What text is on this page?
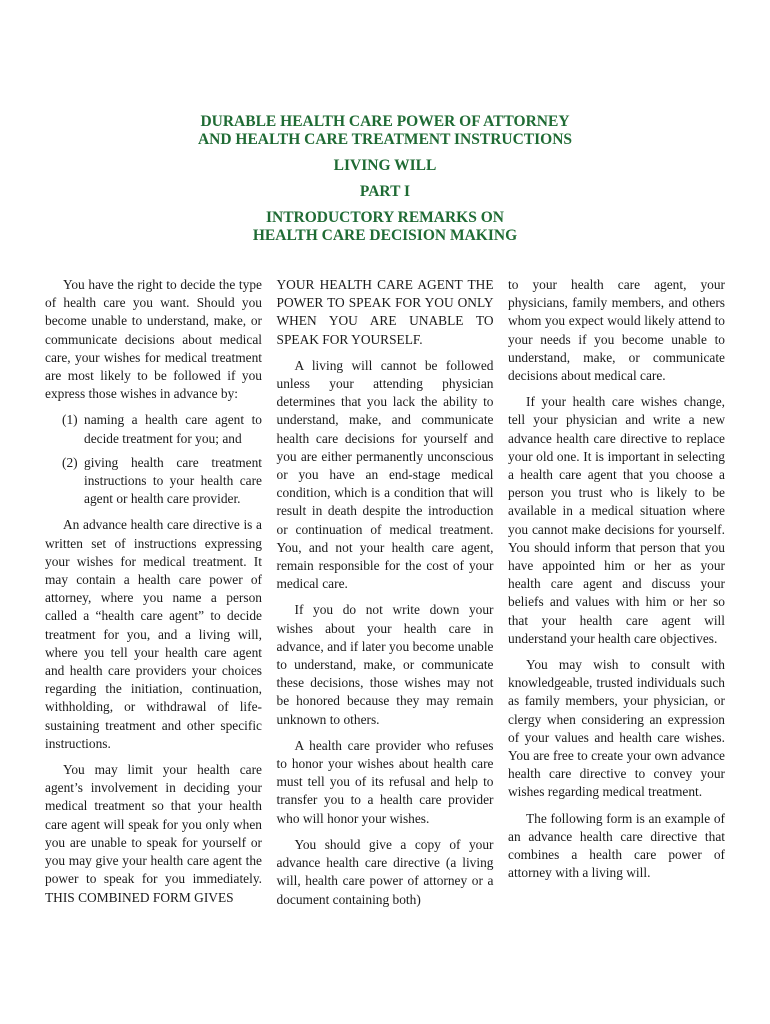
DURABLE HEALTH CARE POWER OF ATTORNEY
AND HEALTH CARE TREATMENT INSTRUCTIONS
LIVING WILL
PART I
INTRODUCTORY REMARKS ON
HEALTH CARE DECISION MAKING

You have the right to decide the type of health care you want. Should you become unable to understand, make, or communicate decisions about medical care, your wishes for medical treatment are most likely to be followed if you express those wishes in advance by:

(1) naming a health care agent to decide treatment for you; and
(2) giving health care treatment instructions to your health care agent or health care provider.

An advance health care directive is a written set of instructions expressing your wishes for medical treatment. It may contain a health care power of attorney, where you name a person called a “health care agent” to decide treatment for you, and a living will, where you tell your health care agent and health care providers your choices regarding the initiation, continuation, withholding, or withdrawal of life-sustaining treatment and other specific instructions.

You may limit your health care agent’s involvement in deciding your medical treatment so that your health care agent will speak for you only when you are unable to speak for yourself or you may give your health care agent the power to speak for you immediately. THIS COMBINED FORM GIVES

YOUR HEALTH CARE AGENT THE POWER TO SPEAK FOR YOU ONLY WHEN YOU ARE UNABLE TO SPEAK FOR YOURSELF.

A living will cannot be followed unless your attending physician determines that you lack the ability to understand, make, and communicate health care decisions for yourself and you are either permanently unconscious or you have an end-stage medical condition, which is a condition that will result in death despite the introduction or continuation of medical treatment. You, and not your health care agent, remain responsible for the cost of your medical care.

If you do not write down your wishes about your health care in advance, and if later you become unable to understand, make, or communicate these decisions, those wishes may not be honored because they may remain unknown to others.

A health care provider who refuses to honor your wishes about health care must tell you of its refusal and help to transfer you to a health care provider who will honor your wishes.

You should give a copy of your advance health care directive (a living will, health care power of attorney or a document containing both)

to your health care agent, your physicians, family members, and others whom you expect would likely attend to your needs if you become unable to understand, make, or communicate decisions about medical care.

If your health care wishes change, tell your physician and write a new advance health care directive to replace your old one. It is important in selecting a health care agent that you choose a person you trust who is likely to be available in a medical situation where you cannot make decisions for yourself. You should inform that person that you have appointed him or her as your health care agent and discuss your beliefs and values with him or her so that your health care agent will understand your health care objectives.

You may wish to consult with knowledgeable, trusted individuals such as family members, your physician, or clergy when considering an expression of your values and health care wishes. You are free to create your own advance health care directive to convey your wishes regarding medical treatment.

The following form is an example of an advance health care directive that combines a health care power of attorney with a living will.
